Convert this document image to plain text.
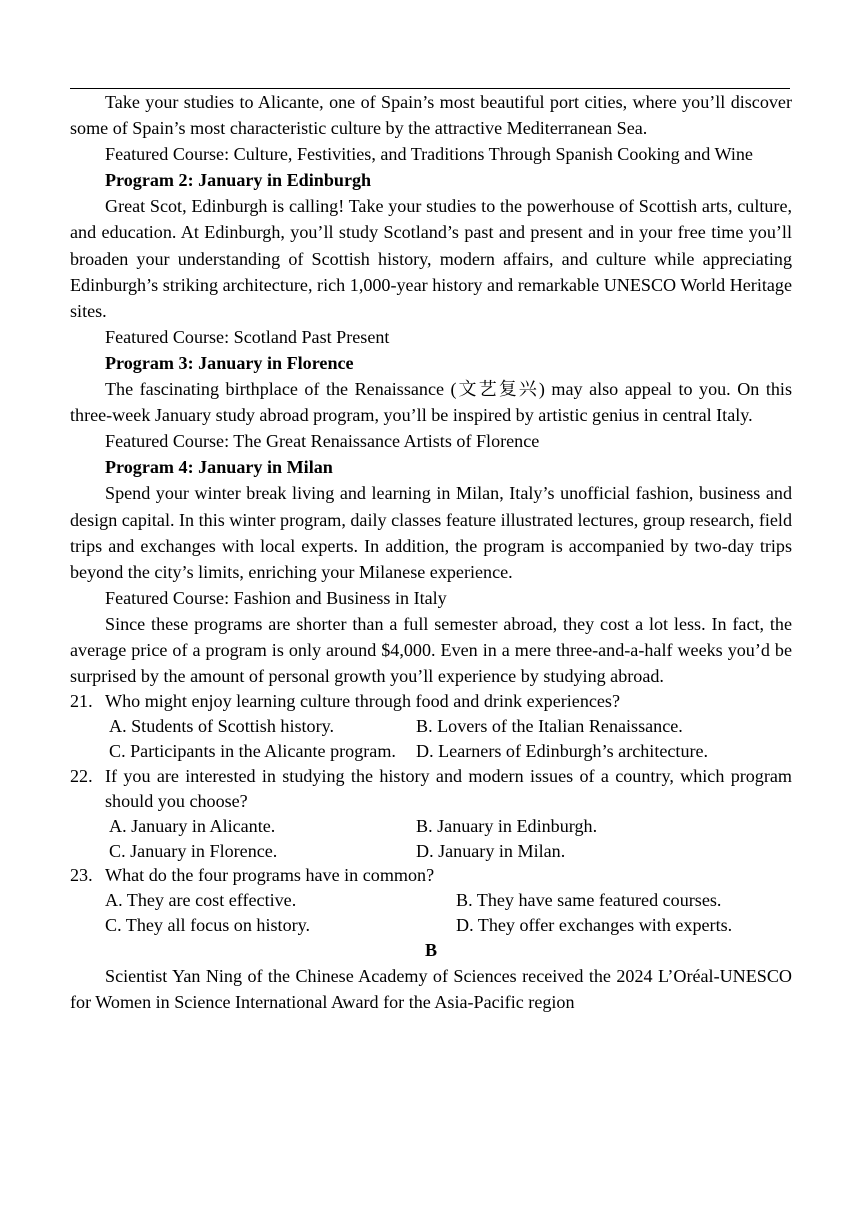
Take your studies to Alicante, one of Spain’s most beautiful port cities, where you’ll discover some of Spain’s most characteristic culture by the attractive Mediterranean Sea.

Featured Course: Culture, Festivities, and Traditions Through Spanish Cooking and Wine

Program 2: January in Edinburgh

Great Scot, Edinburgh is calling! Take your studies to the powerhouse of Scottish arts, culture, and education. At Edinburgh, you’ll study Scotland’s past and present and in your free time you’ll broaden your understanding of Scottish history, modern affairs, and culture while appreciating Edinburgh’s striking architecture, rich 1,000-year history and remarkable UNESCO World Heritage sites.

Featured Course: Scotland Past Present

Program 3: January in Florence

The fascinating birthplace of the Renaissance (文艺复兴) may also appeal to you. On this three-week January study abroad program, you’ll be inspired by artistic genius in central Italy.

Featured Course: The Great Renaissance Artists of Florence

Program 4: January in Milan

Spend your winter break living and learning in Milan, Italy’s unofficial fashion, business and design capital. In this winter program, daily classes feature illustrated lectures, group research, field trips and exchanges with local experts. In addition, the program is accompanied by two-day trips beyond the city’s limits, enriching your Milanese experience.

Featured Course: Fashion and Business in Italy

Since these programs are shorter than a full semester abroad, they cost a lot less. In fact, the average price of a program is only around $4,000. Even in a mere three-and-a-half weeks you’d be surprised by the amount of personal growth you’ll experience by studying abroad.

21. Who might enjoy learning culture through food and drink experiences?
A. Students of Scottish history.	B. Lovers of the Italian Renaissance.
C. Participants in the Alicante program.	D. Learners of Edinburgh’s architecture.
22. If you are interested in studying the history and modern issues of a country, which program should you choose?
A. January in Alicante.	B. January in Edinburgh.
C. January in Florence.	D. January in Milan.
23. What do the four programs have in common?
A. They are cost effective.	B. They have same featured courses.
C. They all focus on history.	D. They offer exchanges with experts.

B

Scientist Yan Ning of the Chinese Academy of Sciences received the 2024 L’Oréal-UNESCO for Women in Science International Award for the Asia-Pacific region
